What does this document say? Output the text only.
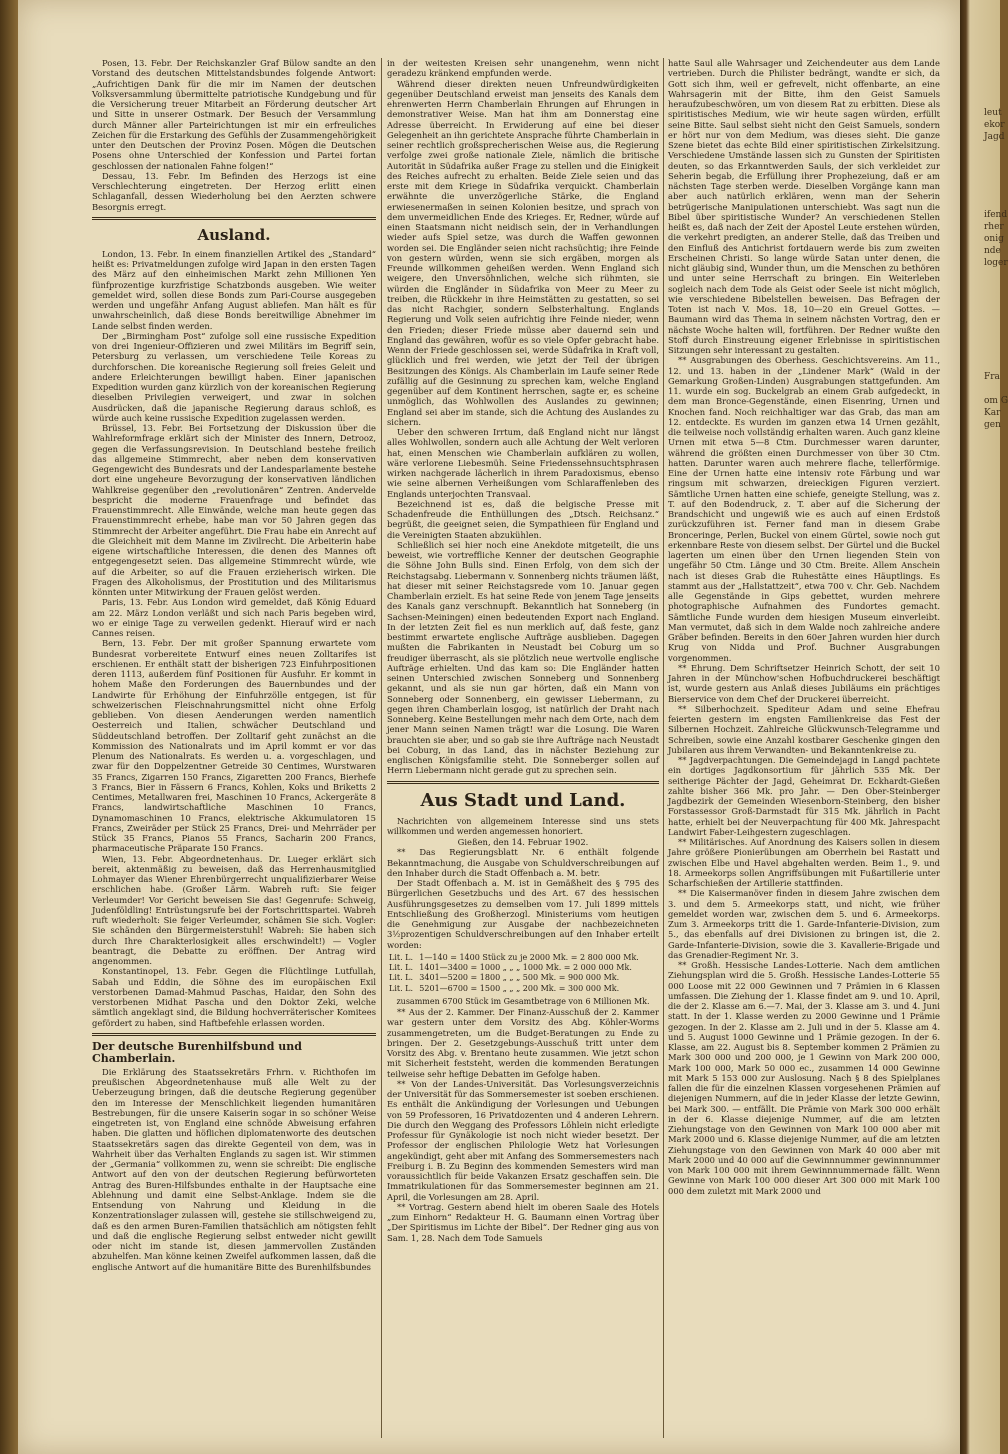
Posen, 13. Febr. Der Reichskanzler Graf Bülow sandte an den Vorstand des deutschen Mittelstandsbundes folgende Antwort: „Aufrichtigen Dank für die mir im Namen der deutschen Volksversammlung übermittelte patriotische Kundgebung und für die Versicherung treuer Mitarbeit an Förderung deutscher Art und Sitte in unserer Ostmark. Der Besuch der Versammlung durch Männer aller Parteirichtungen ist mir ein erfreuliches Zeichen für die Erstarkung des Gefühls der Zusammengehörigkeit unter den Deutschen der Provinz Posen. Mögen die Deutschen Posens ohne Unterschied der Konfession und Partei fortan geschlossen der nationalen Fahne folgen!“

Dessau, 13. Febr. Im Befinden des Herzogs ist eine Verschlechterung eingetreten. Der Herzog erlitt einen Schlaganfall, dessen Wiederholung bei den Aerzten schwere Besorgnis erregt.

Ausland.

London, 13. Febr. In einem finanziellen Artikel des „Standard“ heißt es: Privatmeldungen zufolge wird Japan in den ersten Tagen des März auf den einheimischen Markt zehn Millionen Yen fünfprozentige kurzfristige Schatzbonds ausgeben. Wie weiter gemeldet wird, sollen diese Bonds zum Pari-Course ausgegeben werden und ungefähr Anfang August abliefen. Man hält es für unwahrscheinlich, daß diese Bonds bereitwillige Abnehmer im Lande selbst finden werden.

Der „Birmingham Post“ zufolge soll eine russische Expedition von drei Ingenieur-Offizieren und zwei Militärs im Begriff sein, Petersburg zu verlassen, um verschiedene Teile Koreas zu durchforschen. Die koreanische Regierung soll freies Geleit und andere Erleichterungen bewilligt haben. Einer japanischen Expedition wurden ganz kürzlich von der koreanischen Regierung dieselben Privilegien verweigert, und zwar in solchen Ausdrücken, daß die japanische Regierung daraus schloß, es würde auch keine russische Expedition zugelassen werden.

Brüssel, 13. Febr. Bei Fortsetzung der Diskussion über die Wahlreformfrage erklärt sich der Minister des Innern, Detrooz, gegen die Verfassungsrevision. In Deutschland bestehe freilich das allgemeine Stimmrecht, aber neben dem konservativen Gegengewicht des Bundesrats und der Landesparlamente bestehe dort eine ungeheure Bevorzugung der konservativen ländlichen Wahlkreise gegenüber den „revolutionären“ Zentren. Andervelde bespricht die moderne Frauenfrage und befindet das Frauenstimmrecht. Alle Einwände, welche man heute gegen das Frauenstimmrecht erhebe, habe man vor 50 Jahren gegen das Stimmrecht der Arbeiter angeführt. Die Frau habe ein Anrecht auf die Gleichheit mit dem Manne im Zivilrecht. Die Arbeiterin habe eigene wirtschaftliche Interessen, die denen des Mannes oft entgegengesetzt seien. Das allgemeine Stimmrecht würde, wie auf die Arbeiter, so auf die Frauen erzieherisch wirken. Die Fragen des Alkoholismus, der Prostitution und des Militarismus könnten unter Mitwirkung der Frauen gelöst werden.

Paris, 13. Febr. Aus London wird gemeldet, daß König Eduard am 22. März London verläßt und sich nach Paris begeben wird, wo er einige Tage zu verweilen gedenkt. Hierauf wird er nach Cannes reisen.

Bern, 13. Febr. Der mit großer Spannung erwartete vom Bundesrat vorbereitete Entwurf eines neuen Zolltarifes ist erschienen. Er enthält statt der bisherigen 723 Einfuhrpositionen deren 1113, außerdem fünf Positionen für Ausfuhr. Er kommt in hohem Maße den Forderungen des Bauernbundes und der Landwirte für Erhöhung der Einfuhrzölle entgegen, ist für schweizerischen Fleischnahrungsmittel nicht ohne Erfolg geblieben. Von diesen Aenderungen werden namentlich Oesterreich und Italien, schwächer Deutschland und Süddeutschland betroffen. Der Zolltarif geht zunächst an die Kommission des Nationalrats und im April kommt er vor das Plenum des Nationalrats. Es werden u. a. vorgeschlagen, und zwar für den Doppelzentner Getreide 30 Centimes, Wurstwaren 35 Francs, Zigarren 150 Francs, Zigaretten 200 Francs, Bierhefe 3 Francs, Bier in Fässern 6 Francs, Kohlen, Koks und Briketts 2 Centimes, Metallwaren frei, Maschinen 10 Francs, Ackergeräte 8 Francs, landwirtschaftliche Maschinen 10 Francs, Dynamomaschinen 10 Francs, elektrische Akkumulatoren 15 Francs, Zweiräder per Stück 25 Francs, Drei- und Mehrräder per Stück 35 Francs, Pianos 55 Francs, Sacharin 200 Francs, pharmaceutische Präparate 150 Francs.

Wien, 13. Febr. Abgeordnetenhaus. Dr. Lueger erklärt sich bereit, aktenmäßig zu beweisen, daß das Herrenhausmitglied Lohmayer das Wiener Ehrenbürgerrecht unqualifizierbarer Weise erschlichen habe. (Großer Lärm. Wabreh ruft: Sie feiger Verleumder! Vor Gericht beweisen Sie das! Gegenrufe: Schweig, Judenföldling! Entrüstungsrufe bei der Fortschrittspartei. Wabreh ruft wiederholt: Sie feiger Verleumder, schämen Sie sich. Vogler: Sie schänden den Bürgermeisterstuhl! Wabreh: Sie haben sich durch Ihre Charakterlosigkeit alles erschwindelt!) — Vogler beantragt, die Debatte zu eröffnen. Der Antrag wird angenommen.

Konstantinopel, 13. Febr. Gegen die Flüchtlinge Lutfullah, Sabah und Eddin, die Söhne des im europäischen Exil verstorbenen Damad-Mahmud Paschas, Haidar, den Sohn des verstorbenen Midhat Pascha und den Doktor Zeki, welche sämtlich angeklagt sind, die Bildung hochverräterischer Komitees gefördert zu haben, sind Haftbefehle erlassen worden.

Der deutsche Burenhilfsbund und Chamberlain.

Die Erklärung des Staatssekretärs Frhrn. v. Richthofen im preußischen Abgeordnetenhause muß alle Welt zu der Ueberzeugung bringen, daß die deutsche Regierung gegenüber den im Interesse der Menschlichkeit liegenden humanitären Bestrebungen, für die unsere Kaiserin sogar in so schöner Weise eingetreten ist, von England eine schnöde Abweisung erfahren haben. Die glatten und höflichen diplomatenworte des deutschen Staatssekretärs sagen das direkte Gegenteil von dem, was in Wahrheit über das Verhalten Englands zu sagen ist. Wir stimmen der „Germania“ vollkommen zu, wenn sie schreibt: Die englische Antwort auf den von der deutschen Regierung befürworteten Antrag des Buren-Hilfsbundes enthalte in der Hauptsache eine Ablehnung und damit eine Selbst-Anklage. Indem sie die Entsendung von Nahrung und Kleidung in die Konzentrationslager zulassen will, gestehe sie stillschweigend zu, daß es den armen Buren-Familien thatsächlich am nötigsten fehlt und daß die englische Regierung selbst entweder nicht gewillt oder nicht im stande ist, diesen jammervollen Zuständen abzuhelfen. Man könne keinen Zweifel aufkommen lassen, daß die englische Antwort auf die humanitäre Bitte des Burenhilfsbundes

in der weitesten Kreisen sehr unangenehm, wenn nicht geradezu kränkend empfunden werde.

Während dieser direkten neuen Unfreundwürdigkeiten gegenüber Deutschland erweist man jenseits des Kanals dem ehrenwerten Herrn Chamberlain Ehrungen auf Ehrungen in demonstrativer Weise. Man hat ihm am Donnerstag eine Adresse überreicht. In Erwiderung auf eine bei dieser Gelegenheit an ihn gerichtete Ansprache führte Chamberlain in seiner rechtlich großsprecherischen Weise aus, die Regierung verfolge zwei große nationale Ziele, nämlich die britische Autorität in Südafrika außer Frage zu stellen und die Einigkeit des Reiches aufrecht zu erhalten. Beide Ziele seien und das erste mit dem Kriege in Südafrika verquickt. Chamberlain erwähnte die unverzögerliche Stärke, die England erwiesenermaßen in seinen Kolonien besitze, und sprach von dem unvermeidlichen Ende des Krieges. Er, Redner, würde auf einen Staatsmann nicht neidisch sein, der in Verhandlungen wieder aufs Spiel setze, was durch die Waffen gewonnen worden sei. Die Engländer seien nicht rachsüchtig; ihre Feinde von gestern würden, wenn sie sich ergäben, morgen als Freunde willkommen geheißen werden. Wenn England sich weigere, den Unversöhnlichen, welche sich rühmten, sie würden die Engländer in Südafrika von Meer zu Meer zu treiben, die Rückkehr in ihre Heimstätten zu gestatten, so sei das nicht Rachgier, sondern Selbsterhaltung. Englands Regierung und Volk seien aufrichtig ihre Feinde nieder, wenn den Frieden; dieser Friede müsse aber dauernd sein und England das gewähren, wofür es so viele Opfer gebracht habe. Wenn der Friede geschlossen sei, werde Südafrika in Kraft voll, glücklich und frei werden, wie jetzt der Teil der übrigen Besitzungen des Königs. Als Chamberlain im Laufe seiner Rede zufällig auf die Gesinnung zu sprechen kam, welche England gegenüber auf dem Kontinent herrschen, sagte er, es scheine unmöglich, das Wohlwollen des Auslandes zu gewinnen; England sei aber im stande, sich die Achtung des Auslandes zu sichern.

Ueber den schweren Irrtum, daß England nicht nur längst alles Wohlwollen, sondern auch alle Achtung der Welt verloren hat, einen Menschen wie Chamberlain aufklären zu wollen, wäre verlorene Liebesmüh. Seine Friedenssehnsuchtsphrasen wirken nachgerade lächerlich in ihrem Paradoxismus, ebenso wie seine albernen Verheißungen vom Schlaraffenleben des Englands unterjochten Transvaal.

Bezeichnend ist es, daß die belgische Presse mit Schadenfreude die Enthüllungen des „Dtsch. Reichsanz.“ begrüßt, die geeignet seien, die Sympathieen für England und die Vereinigten Staaten abzukühlen.

Schließlich sei hier noch eine Anekdote mitgeteilt, die uns beweist, wie vortreffliche Kenner der deutschen Geographie die Söhne John Bulls sind. Einen Erfolg, von dem sich der Reichstagsabg. Liebermann v. Sonnenberg nichts träumen läßt, hat dieser mit seiner Reichstagsrede vom 10. Januar gegen Chamberlain erzielt. Es hat seine Rede von jenem Tage jenseits des Kanals ganz verschnupft. Bekanntlich hat Sonneberg (in Sachsen-Meiningen) einen bedeutenden Export nach England. In der letzten Zeit fiel es nun merklich auf, daß feste, ganz bestimmt erwartete englische Aufträge ausblieben. Dagegen mußten die Fabrikanten in Neustadt bei Coburg um so freudiger überrascht, als sie plötzlich neue wertvolle englische Aufträge erhielten. Und das kam so: Die Engländer hatten seinen Unterschied zwischen Sonneberg und Sonnenberg gekannt, und als sie nun gar hörten, daß ein Mann von Sonneberg oder Sonnenberg, ein gewisser Liebermann, zu gegen ihren Chamberlain losgog, ist natürlich der Draht nach Sonneberg. Keine Bestellungen mehr nach dem Orte, nach dem jener Mann seinen Namen trägt! war die Losung. Die Waren brauchten sie aber, und so gab sie ihre Aufträge nach Neustadt bei Coburg, in das Land, das in nächster Beziehung zur englischen Königsfamilie steht. Die Sonneberger sollen auf Herrn Liebermann nicht gerade gut zu sprechen sein.

Aus Stadt und Land.

Nachrichten von allgemeinem Interesse sind uns stets willkommen und werden angemessen honoriert.

Gießen, den 14. Februar 1902.

** Das Regierungsblatt Nr. 6 enthält folgende Bekanntmachung, die Ausgabe von Schuldverschreibungen auf den Inhaber durch die Stadt Offenbach a. M. betr.

Der Stadt Offenbach a. M. ist in Gemäßheit des § 795 des Bürgerlichen Gesetzbuchs und des Art. 67 des hessischen Ausführungsgesetzes zu demselben vom 17. Juli 1899 mittels Entschließung des Großherzogl. Ministeriums vom heutigen die Genehmigung zur Ausgabe der nachbezeichneten 3½prozentigen Schuldverschreibungen auf den Inhaber erteilt worden:

Lit. L.	1—140 = 1400 Stück zu je 2000 Mk. = 2 800 000 Mk.
Lit. L.	1401—3400 = 1000 „ „ „ 1000 Mk. = 2 000 000 Mk.
Lit. L.	3401—5200 = 1800 „ „ „ 500 Mk. = 900 000 Mk.
Lit. L.	5201—6700 = 1500 „ „ „ 200 Mk. = 300 000 Mk.

zusammen 6700 Stück im Gesamtbetrage von 6 Millionen Mk.

** Aus der 2. Kammer. Der Finanz-Ausschuß der 2. Kammer war gestern unter dem Vorsitz des Abg. Köhler-Worms zusammengetreten, um die Budget-Beratungen zu Ende zu bringen. Der 2. Gesetzgebungs-Ausschuß tritt unter dem Vorsitz des Abg. v. Brentano heute zusammen. Wie jetzt schon mit Sicherheit feststeht, werden die kommenden Beratungen teilweise sehr heftige Debatten im Gefolge haben.

** Von der Landes-Universität. Das Vorlesungsverzeichnis der Universität für das Sommersemester ist soeben erschienen. Es enthält die Ankündigung der Vorlesungen und Uebungen von 59 Professoren, 16 Privatdozenten und 4 anderen Lehrern. Die durch den Weggang des Professors Löhlein nicht erledigte Professur für Gynäkologie ist noch nicht wieder besetzt. Der Professor der englischen Philologie Wetz hat Vorlesungen angekündigt, geht aber mit Anfang des Sommersemesters nach Freiburg i. B. Zu Beginn des kommenden Semesters wird man voraussichtlich für beide Vakanzen Ersatz geschaffen sein. Die Immatrikulationen für das Sommersemester beginnen am 21. April, die Vorlesungen am 28. April.

** Vortrag. Gestern abend hielt im oberen Saale des Hotels „zum Einhorn“ Redakteur H. G. Baumann einen Vortrag über „Der Spiritismus im Lichte der Bibel“. Der Redner ging aus von Sam. 1, 28. Nach dem Tode Samuels

hatte Saul alle Wahrsager und Zeichendeuter aus dem Lande vertrieben. Durch die Philister bedrängt, wandte er sich, da Gott sich ihm, weil er gefrevelt, nicht offenbarte, an eine Wahrsagerin mit der Bitte, ihm den Geist Samuels heraufzubeschwören, um von diesem Rat zu erbitten. Diese als spiritistisches Medium, wie wir heute sagen würden, erfüllt seine Bitte. Saul selbst sieht nicht den Geist Samuels, sondern er hört nur von dem Medium, was dieses sieht. Die ganze Szene bietet das echte Bild einer spiritistischen Zirkelsitzung. Verschiedene Umstände lassen sich zu Gunsten der Spiritisten deuten, so das Erkanntwerden Sauls, der sich verkleidet zur Seherin begab, die Erfüllung ihrer Prophezeiung, daß er am nächsten Tage sterben werde. Dieselben Vorgänge kann man aber auch natürlich erklären, wenn man der Seherin betrügerische Manipulationen unterschiebt. Was sagt nun die Bibel über spiritistische Wunder? An verschiedenen Stellen heißt es, daß nach der Zeit der Apostel Leute erstehen würden, die verkehrt predigten, an anderer Stelle, daß das Treiben und den Einfluß des Antichrist fortdauern werde bis zum zweiten Erscheinen Christi. So lange würde Satan unter denen, die nicht gläubig sind, Wunder thun, um die Menschen zu bethören und unter seine Herrschaft zu bringen. Ein Weiterleben sogleich nach dem Tode als Geist oder Seele ist nicht möglich, wie verschiedene Bibelstellen beweisen. Das Befragen der Toten ist nach V. Mos. 18, 10—20 ein Greuel Gottes. — Baumann wird das Thema in seinem nächsten Vortrag, den er nächste Woche halten will, fortführen. Der Redner wußte den Stoff durch Einstreuung eigener Erlebnisse in spiritistischen Sitzungen sehr interessant zu gestalten.

** Ausgrabungen des Oberhess. Geschichtsvereins. Am 11., 12. und 13. haben in der „Lindener Mark“ (Wald in der Gemarkung Großen-Linden) Ausgrabungen stattgefunden. Am 11. wurde ein sog. Buckelgrab an einem Grab aufgedeckt, in dem man Bronce-Gegenstände, einen Eisenring, Urnen und Knochen fand. Noch reichhaltiger war das Grab, das man am 12. entdeckte. Es wurden im ganzen etwa 14 Urnen gezählt, die teilweise noch vollständig erhalten waren. Auch ganz kleine Urnen mit etwa 5—8 Ctm. Durchmesser waren darunter, während die größten einen Durchmesser von über 30 Ctm. hatten. Darunter waren auch mehrere flache, tellerförmige. Eine der Urnen hatte eine intensiv rote Färbung und war ringsum mit schwarzen, dreieckigen Figuren verziert. Sämtliche Urnen hatten eine schiefe, geneigte Stellung, was z. T. auf den Bodendruck, z. T. aber auf die Sicherung der Brandschicht und ungewiß wie es auch auf einen Erdstoß zurückzuführen ist. Ferner fand man in diesem Grabe Bronceringe, Perlen, Buckel von einem Gürtel, sowie noch gut erkennbare Reste von diesem selbst. Der Gürtel und die Buckel lagerten um einen über den Urnen liegenden Stein von ungefähr 50 Ctm. Länge und 30 Ctm. Breite. Allem Anschein nach ist dieses Grab die Ruhestätte eines Häuptlings. Es stammt aus der „Hallstattzeit“, etwa 700 v. Chr. Geb. Nachdem alle Gegenstände in Gips gebettet, wurden mehrere photographische Aufnahmen des Fundortes gemacht. Sämtliche Funde wurden dem hiesigen Museum einverleibt. Man vermutet, daß sich in dem Walde noch zahlreiche andere Gräber befinden. Bereits in den 60er Jahren wurden hier durch Krug von Nidda und Prof. Buchner Ausgrabungen vorgenommen.

** Ehrung. Dem Schriftsetzer Heinrich Schott, der seit 10 Jahren in der Münchow'schen Hofbuchdruckerei beschäftigt ist, wurde gestern aus Anlaß dieses Jubiläums ein prächtiges Bierservice von dem Chef der Druckerei überreicht.

** Silberhochzeit. Spediteur Adam und seine Ehefrau feierten gestern im engsten Familienkreise das Fest der Silbernen Hochzeit. Zahlreiche Glückwunsch-Telegramme und Schreiben, sowie eine Anzahl kostbarer Geschenke gingen den Jubilaren aus ihrem Verwandten- und Bekanntenkreise zu.

** Jagdverpachtungen. Die Gemeindejagd in Langd pachtete ein dortiges Jagdkonsortium für jährlich 535 Mk. Der seitherige Pächter der Jagd, Geheimrat Dr. Eckhardt-Gießen zahlte bisher 366 Mk. pro Jahr. — Den Ober-Steinberger Jagdbezirk der Gemeinden Wiesenborn-Steinberg, den bisher Forstassessor Groß-Darmstadt für 315 Mk. jährlich in Pacht hatte, erhielt bei der Neuverpachtung für 400 Mk. Jahrespacht Landwirt Faber-Leihgestern zugeschlagen.

** Militärisches. Auf Anordnung des Kaisers sollen in diesem Jahre größere Pionierübungen am Oberrhein bei Rastatt und zwischen Elbe und Havel abgehalten werden. Beim 1., 9. und 18. Armeekorps sollen Angriffsübungen mit Fußartillerie unter Scharfschießen der Artillerie stattfinden.

** Die Kaisermanöver finden in diesem Jahre zwischen dem 3. und dem 5. Armeekorps statt, und nicht, wie früher gemeldet worden war, zwischen dem 5. und 6. Armeekorps. Zum 3. Armeekorps tritt die 1. Garde-Infanterie-Division, zum 5., das ebenfalls auf drei Divisionen zu bringen ist, die 2. Garde-Infanterie-Division, sowie die 3. Kavallerie-Brigade und das Grenadier-Regiment Nr. 3.

** Großh. Hessische Landes-Lotterie. Nach dem amtlichen Ziehungsplan wird die 5. Großh. Hessische Landes-Lotterie 55 000 Loose mit 22 000 Gewinnen und 7 Prämien in 6 Klassen umfassen. Die Ziehung der 1. Klasse findet am 9. und 10. April, die der 2. Klasse am 6.—7. Mai, der 3. Klasse am 3. und 4. Juni statt. In der 1. Klasse werden zu 2000 Gewinne und 1 Prämie gezogen. In der 2. Klasse am 2. Juli und in der 5. Klasse am 4. und 5. August 1000 Gewinne und 1 Prämie gezogen. In der 6. Klasse, am 22. August bis 8. September kommen 2 Prämien zu Mark 300 000 und 200 000, je 1 Gewinn von Mark 200 000, Mark 100 000, Mark 50 000 ec., zusammen 14 000 Gewinne mit Mark 5 153 000 zur Auslosung. Nach § 8 des Spielplanes fallen die für die einzelnen Klassen vorgesehenen Prämien auf diejenigen Nummern, auf die in jeder Klasse der letzte Gewinn, bei Mark 300. — entfällt. Die Prämie von Mark 300 000 erhält in der 6. Klasse diejenige Nummer, auf die am letzten Ziehungstage von den Gewinnen von Mark 100 000 aber mit Mark 2000 und 6. Klasse diejenige Nummer, auf die am letzten Ziehungstage von den Gewinnen von Mark 40 000 aber mit Mark 2000 und 40 000 auf die Gewinnnummer gewinnnummer von Mark 100 000 mit ihrem Gewinnnummernade fällt. Wenn Gewinne von Mark 100 000 dieser Art 300 000 mit Mark 100 000 dem zuletzt mit Mark 2000 und

leut
ekor
Jagd
ifend
rher
onig
nde
loger
Fra
om G
Kar
gen
